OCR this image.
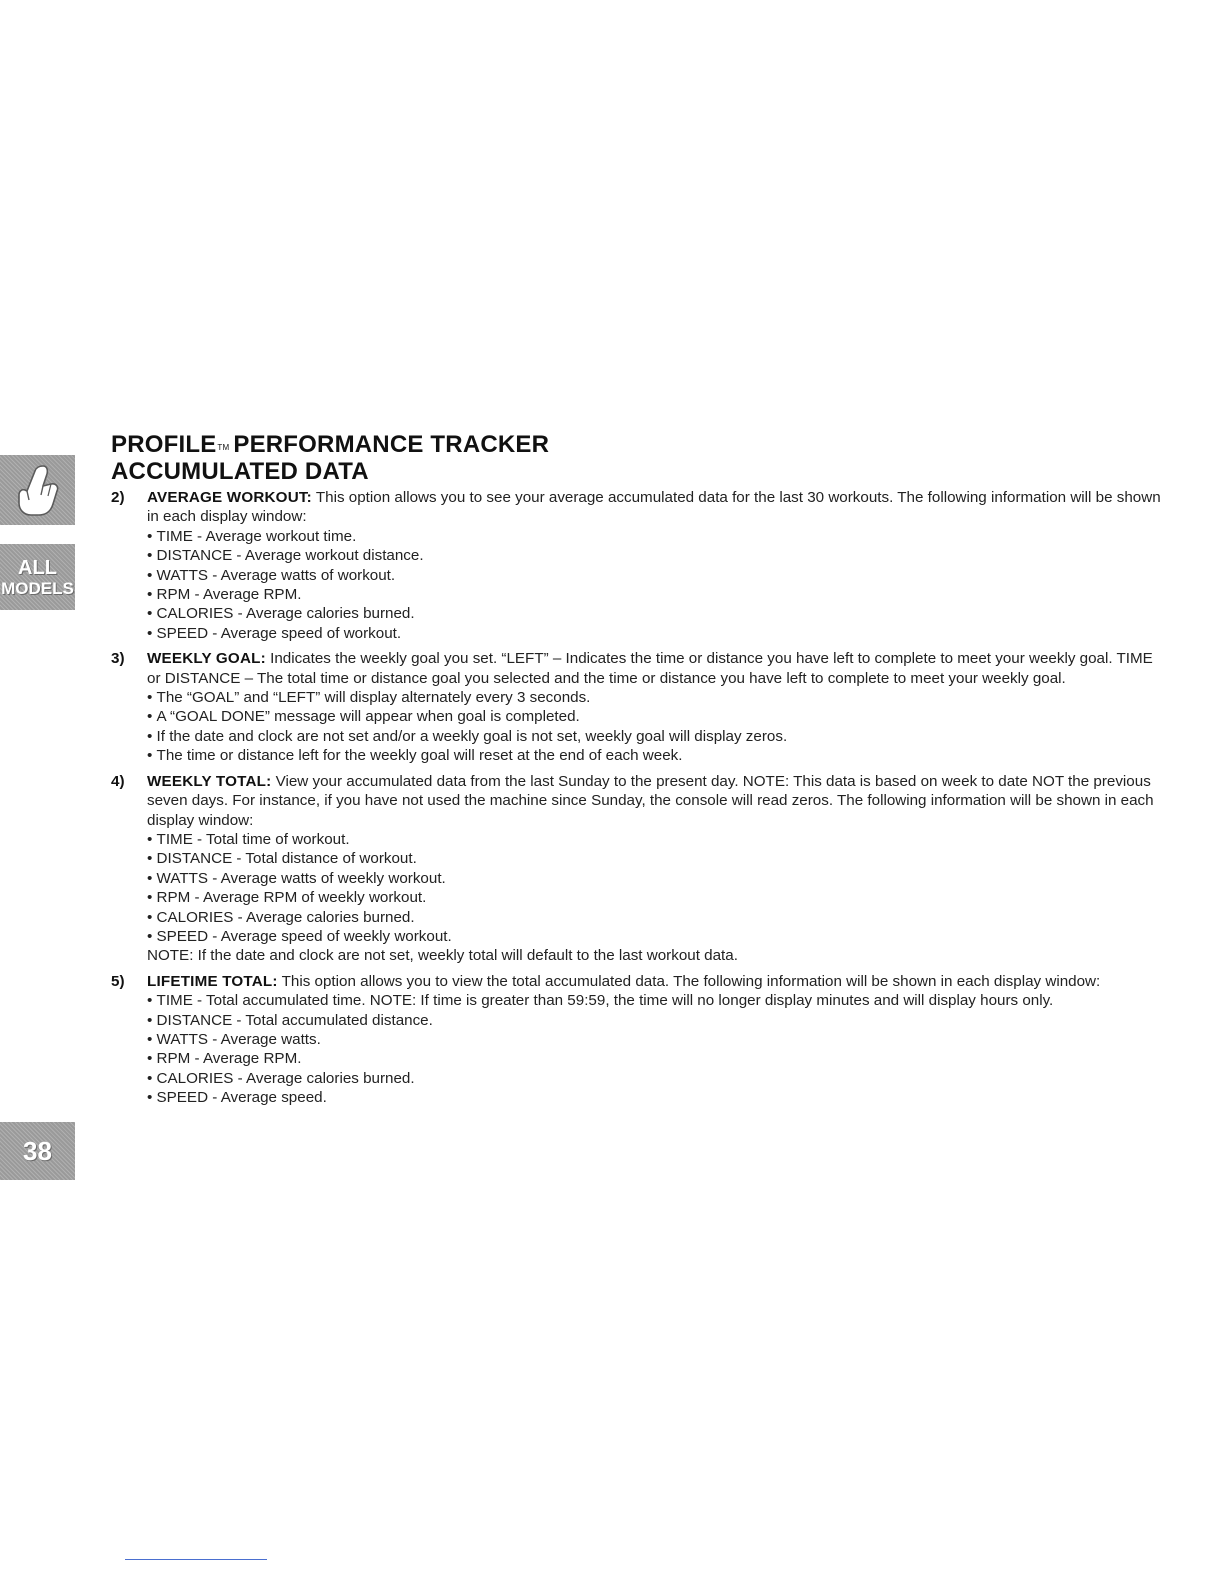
ALL
MODELS
38
PROFILE™ PERFORMANCE TRACKER
ACCUMULATED DATA
2)	AVERAGE WORKOUT: This option allows you to see your average accumulated data for the last 30 workouts. The following information will be shown in each display window:
• TIME - Average workout time.
• DISTANCE - Average workout distance.
• WATTS - Average watts of workout.
• RPM - Average RPM.
• CALORIES - Average calories burned.
• SPEED - Average speed of workout.
3)	WEEKLY GOAL: Indicates the weekly goal you set. “LEFT” – Indicates the time or distance you have left to complete to meet your weekly goal. TIME or DISTANCE – The total time or distance goal you selected and the time or distance you have left to complete to meet your weekly goal.
• The “GOAL” and “LEFT” will display alternately every 3 seconds.
• A “GOAL DONE” message will appear when goal is completed.
• If the date and clock are not set and/or a weekly goal is not set, weekly goal will display zeros.
• The time or distance left for the weekly goal will reset at the end of each week.
4)	WEEKLY TOTAL: View your accumulated data from the last Sunday to the present day. NOTE: This data is based on week to date NOT the previous seven days. For instance, if you have not used the machine since Sunday, the console will read zeros. The following information will be shown in each display window:
• TIME - Total time of workout.
• DISTANCE - Total distance of workout.
• WATTS - Average watts of weekly workout.
• RPM - Average RPM of weekly workout.
• CALORIES - Average calories burned.
• SPEED - Average speed of weekly workout.
NOTE: If the date and clock are not set, weekly total will default to the last workout data.
5)	LIFETIME TOTAL: This option allows you to view the total accumulated data. The following information will be shown in each display window:
• TIME - Total accumulated time. NOTE: If time is greater than 59:59, the time will no longer display minutes and will display hours only.
• DISTANCE - Total accumulated distance.
• WATTS - Average watts.
• RPM - Average RPM.
• CALORIES - Average calories burned.
• SPEED - Average speed.
